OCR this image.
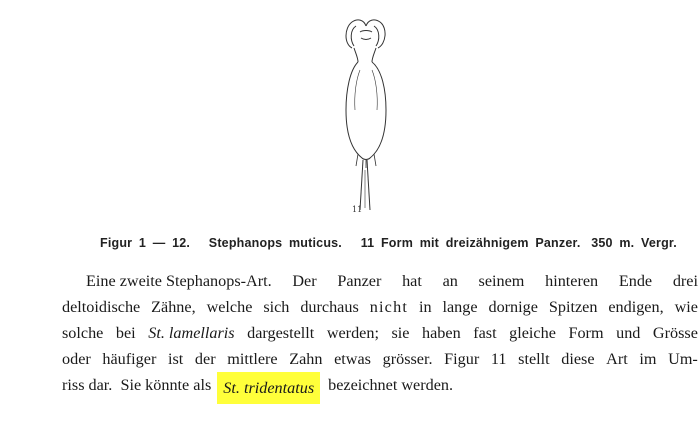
11
Figur 1 — 12. Stephanops muticus. 11 Form mit dreizähnigem Panzer. 350 m. Vergr.
Eine zweite Stephanops-Art. Der Panzer hat an seinem hinteren Ende drei
deltoidische Zähne, welche sich durchaus nicht in lange dornige Spitzen endigen, wie
solche bei St. lamellaris dargestellt werden; sie haben fast gleiche Form und Grösse
oder häufiger ist der mittlere Zahn etwas grösser. Figur 11 stellt diese Art im Um-
riss dar.  Sie könnte als St. tridentatus bezeichnet werden.
